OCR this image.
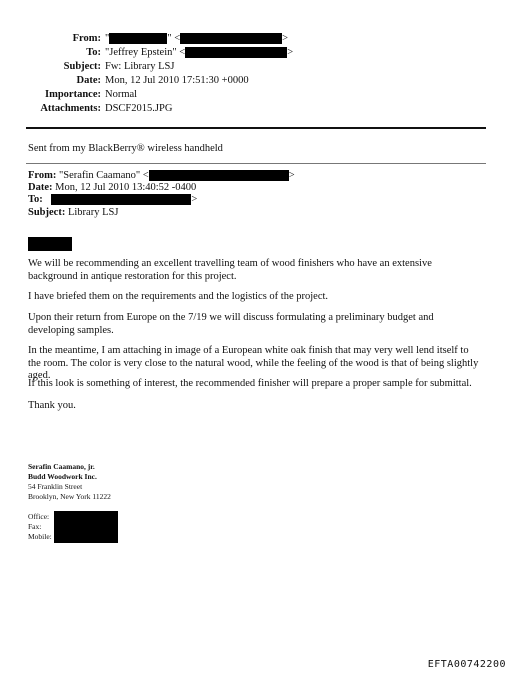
From: "	" <	>
To: "Jeffrey Epstein" <	>
Subject: Fw: Library LSJ
Date: Mon, 12 Jul 2010 17:51:30 +0000
Importance: Normal
Attachments: DSCF2015.JPG
Sent from my BlackBerry® wireless handheld
From: "Serafin Caamano" <	>
Date: Mon, 12 Jul 2010 13:40:52 -0400
To:	>
Subject: Library LSJ
We will be recommending an excellent travelling team of wood finishers who have an extensive background in antique restoration for this project.
I have briefed them on the requirements and the logistics of the project.
Upon their return from Europe on the 7/19 we will discuss formulating a preliminary budget and developing samples.
In the meantime, I am attaching in image of a European white oak finish that may very well lend itself to the room. The color is very close to the natural wood, while the feeling of the wood is that of being slightly aged.
If this look is something of interest, the recommended finisher will prepare a proper sample for submittal.
Thank you.
Serafin Caamano, jr.
Budd Woodwork Inc.
54 Franklin Street
Brooklyn, New York 11222
Office:
Fax:
Mobile:
EFTA00742200
